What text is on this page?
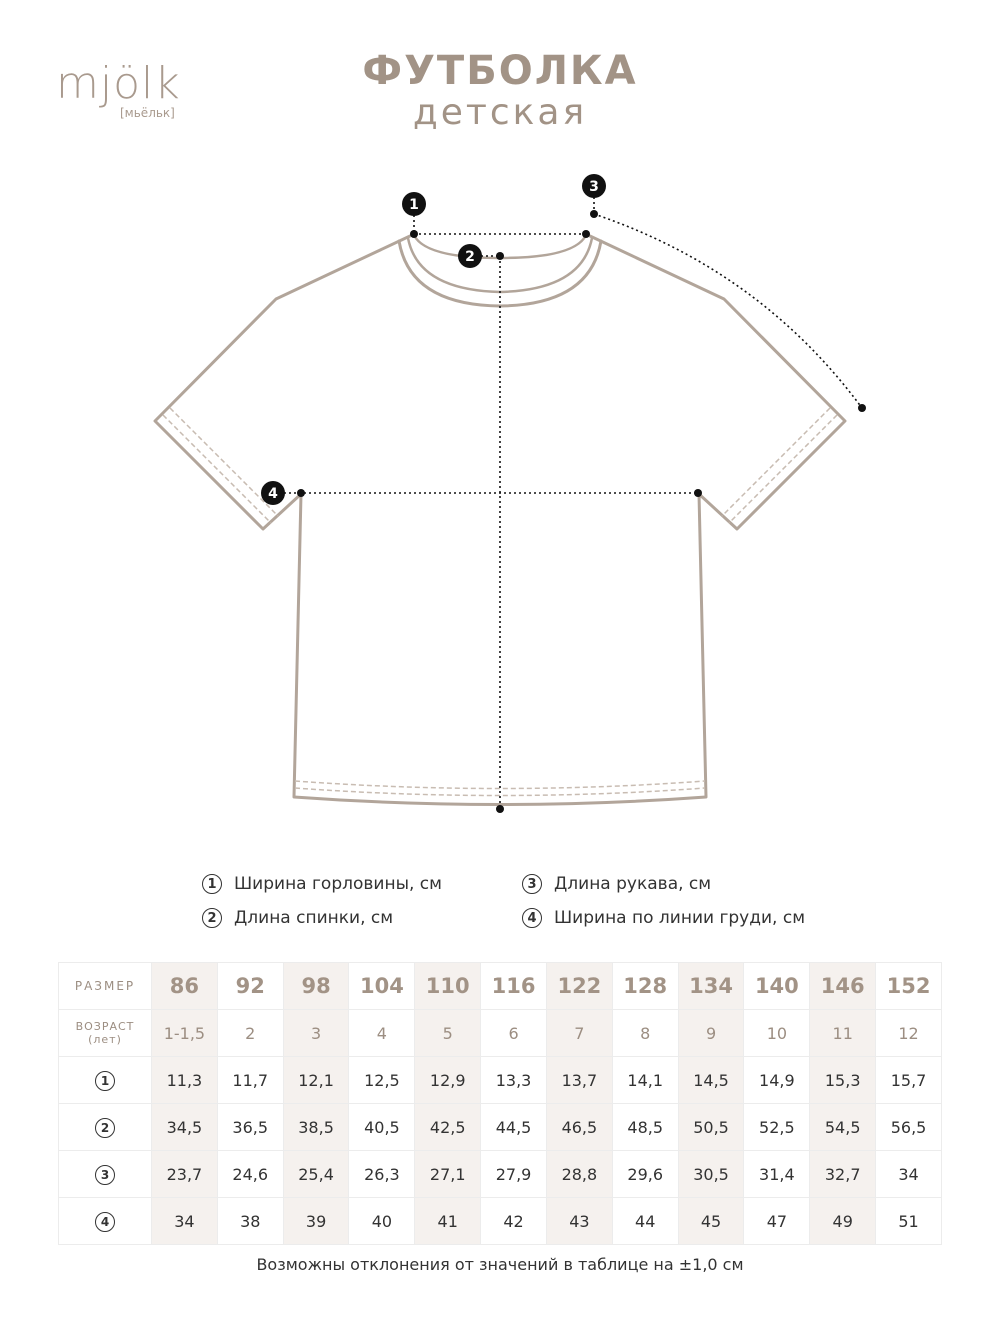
mjölk
[мьёльк]
ФУТБОЛКА
детская
1
2
3
4
1	Ширина горловины, см
2	Длина спинки, см
3	Длина рукава, см
4	Ширина по линии груди, см
РАЗМЕР	86	92	98	104	110	116	122	128	134	140	146	152

ВОЗРАСТ
(лет)	1-1,5	2	3	4	5	6	7	8	9	10	11	12
1	11,3	11,7	12,1	12,5	12,9	13,3	13,7	14,1	14,5	14,9	15,3	15,7
2	34,5	36,5	38,5	40,5	42,5	44,5	46,5	48,5	50,5	52,5	54,5	56,5
3	23,7	24,6	25,4	26,3	27,1	27,9	28,8	29,6	30,5	31,4	32,7	34
4	34	38	39	40	41	42	43	44	45	47	49	51
Возможны отклонения от значений в таблице на ±1,0 см
